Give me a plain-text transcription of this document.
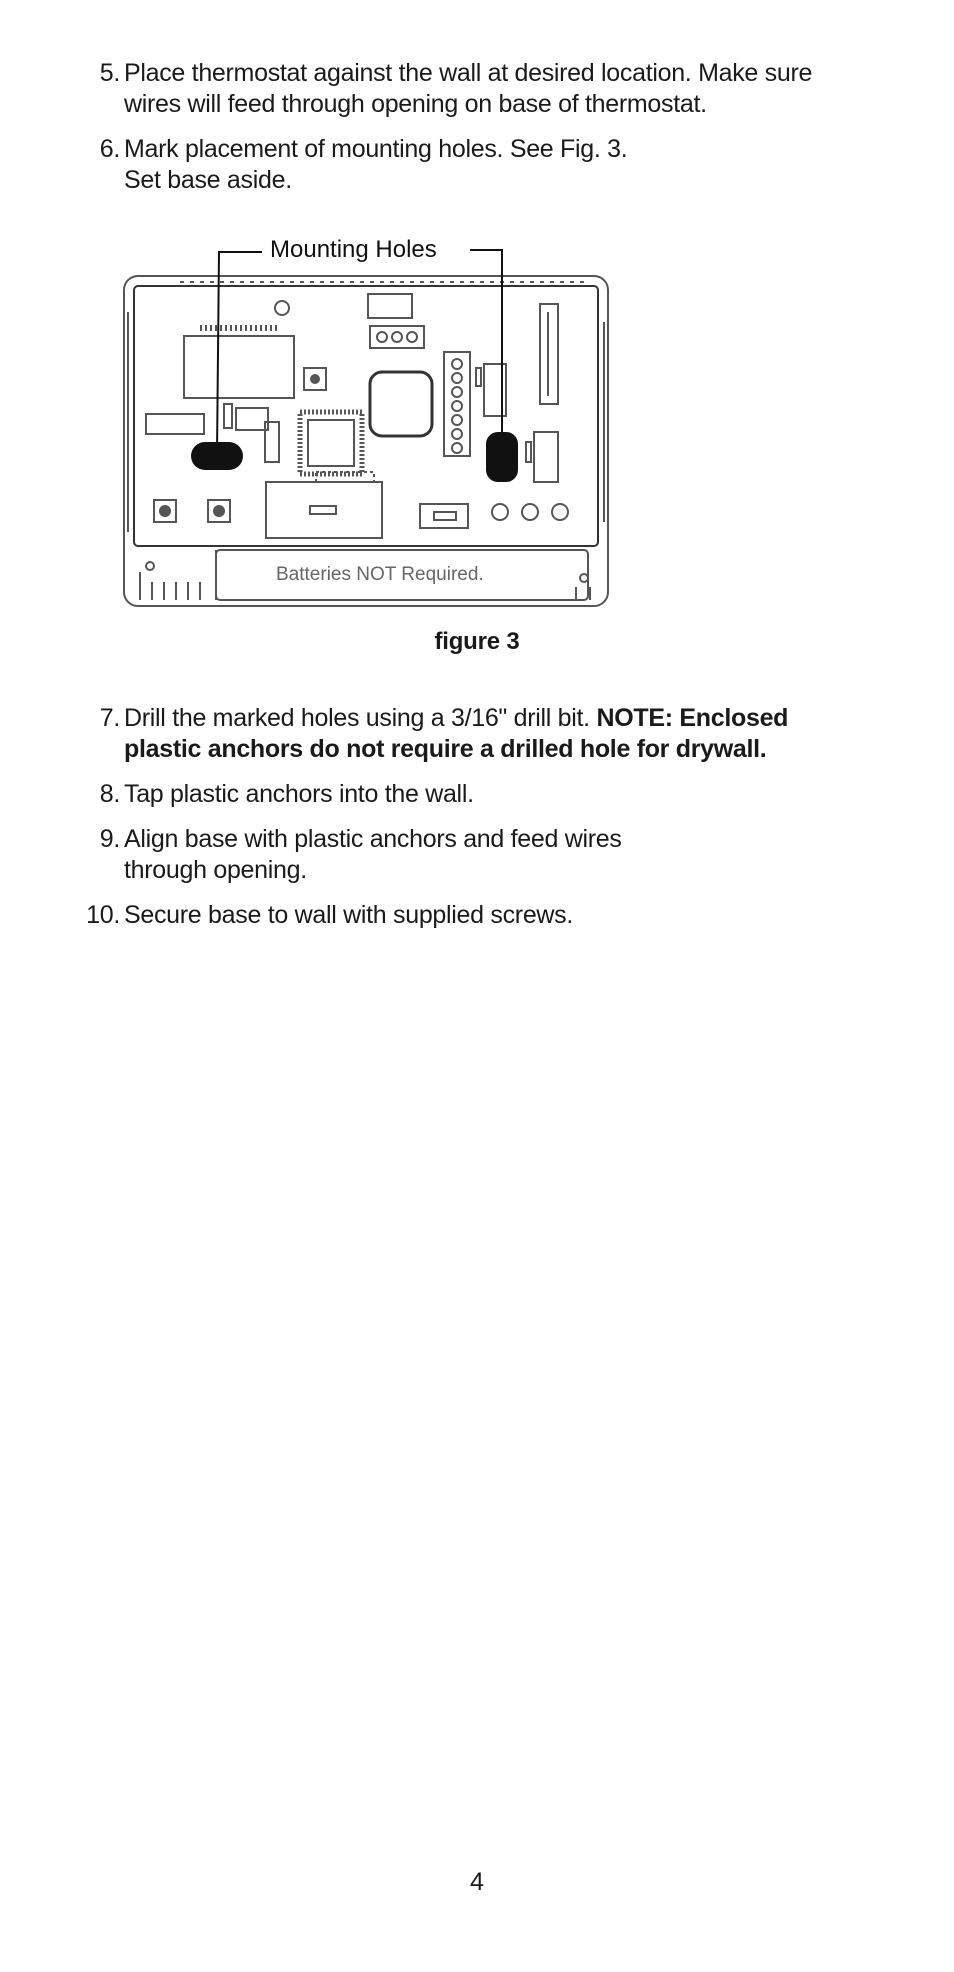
5. Place thermostat against the wall at desired location. Make sure
wires will feed through opening on base of thermostat.
6. Mark placement of mounting holes. See Fig. 3.
Set base aside.
Mounting Holes
Batteries NOT Required.
figure 3
7. Drill the marked holes using a 3/16" drill bit. NOTE: Enclosed
plastic anchors do not require a drilled hole for drywall.
8. Tap plastic anchors into the wall.
9. Align base with plastic anchors and feed wires
through opening.
10. Secure base to wall with supplied screws.
4
